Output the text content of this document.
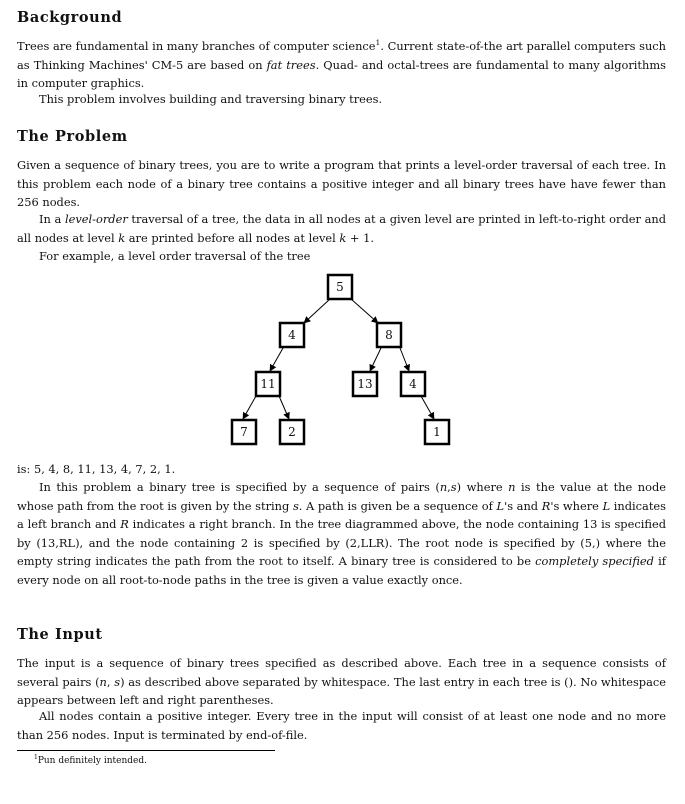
Background

Trees are fundamental in many branches of computer science$^1$. Current state-of-the art parallel computers such as Thinking Machines' CM-5 are based on fat trees. Quad- and octal-trees are fundamental to many algorithms in computer graphics.

This problem involves building and traversing binary trees.

The Problem

Given a sequence of binary trees, you are to write a program that prints a level-order traversal of each tree. In this problem each node of a binary tree contains a positive integer and all binary trees have have fewer than 256 nodes.

In a level-order traversal of a tree, the data in all nodes at a given level are printed in left-to-right order and all nodes at level k are printed before all nodes at level k + 1.

For example, a level order traversal of the tree

is: 5, 4, 8, 11, 13, 4, 7, 2, 1.

In this problem a binary tree is specified by a sequence of pairs (n,s) where n is the value at the node whose path from the root is given by the string s. A path is given be a sequence of L's and R's where L indicates a left branch and R indicates a right branch. In the tree diagrammed above, the node containing 13 is specified by (13,RL), and the node containing 2 is specified by (2,LLR). The root node is specified by (5,) where the empty string indicates the path from the root to itself. A binary tree is considered to be completely specified if every node on all root-to-node paths in the tree is given a value exactly once.

The Input

The input is a sequence of binary trees specified as described above. Each tree in a sequence consists of several pairs (n, s) as described above separated by whitespace. The last entry in each tree is (). No whitespace appears between left and right parentheses.

All nodes contain a positive integer. Every tree in the input will consist of at least one node and no more than 256 nodes. Input is terminated by end-of-file.

$^1$Pun definitely intended.
5
4	8
11	13	4
7	2	1
